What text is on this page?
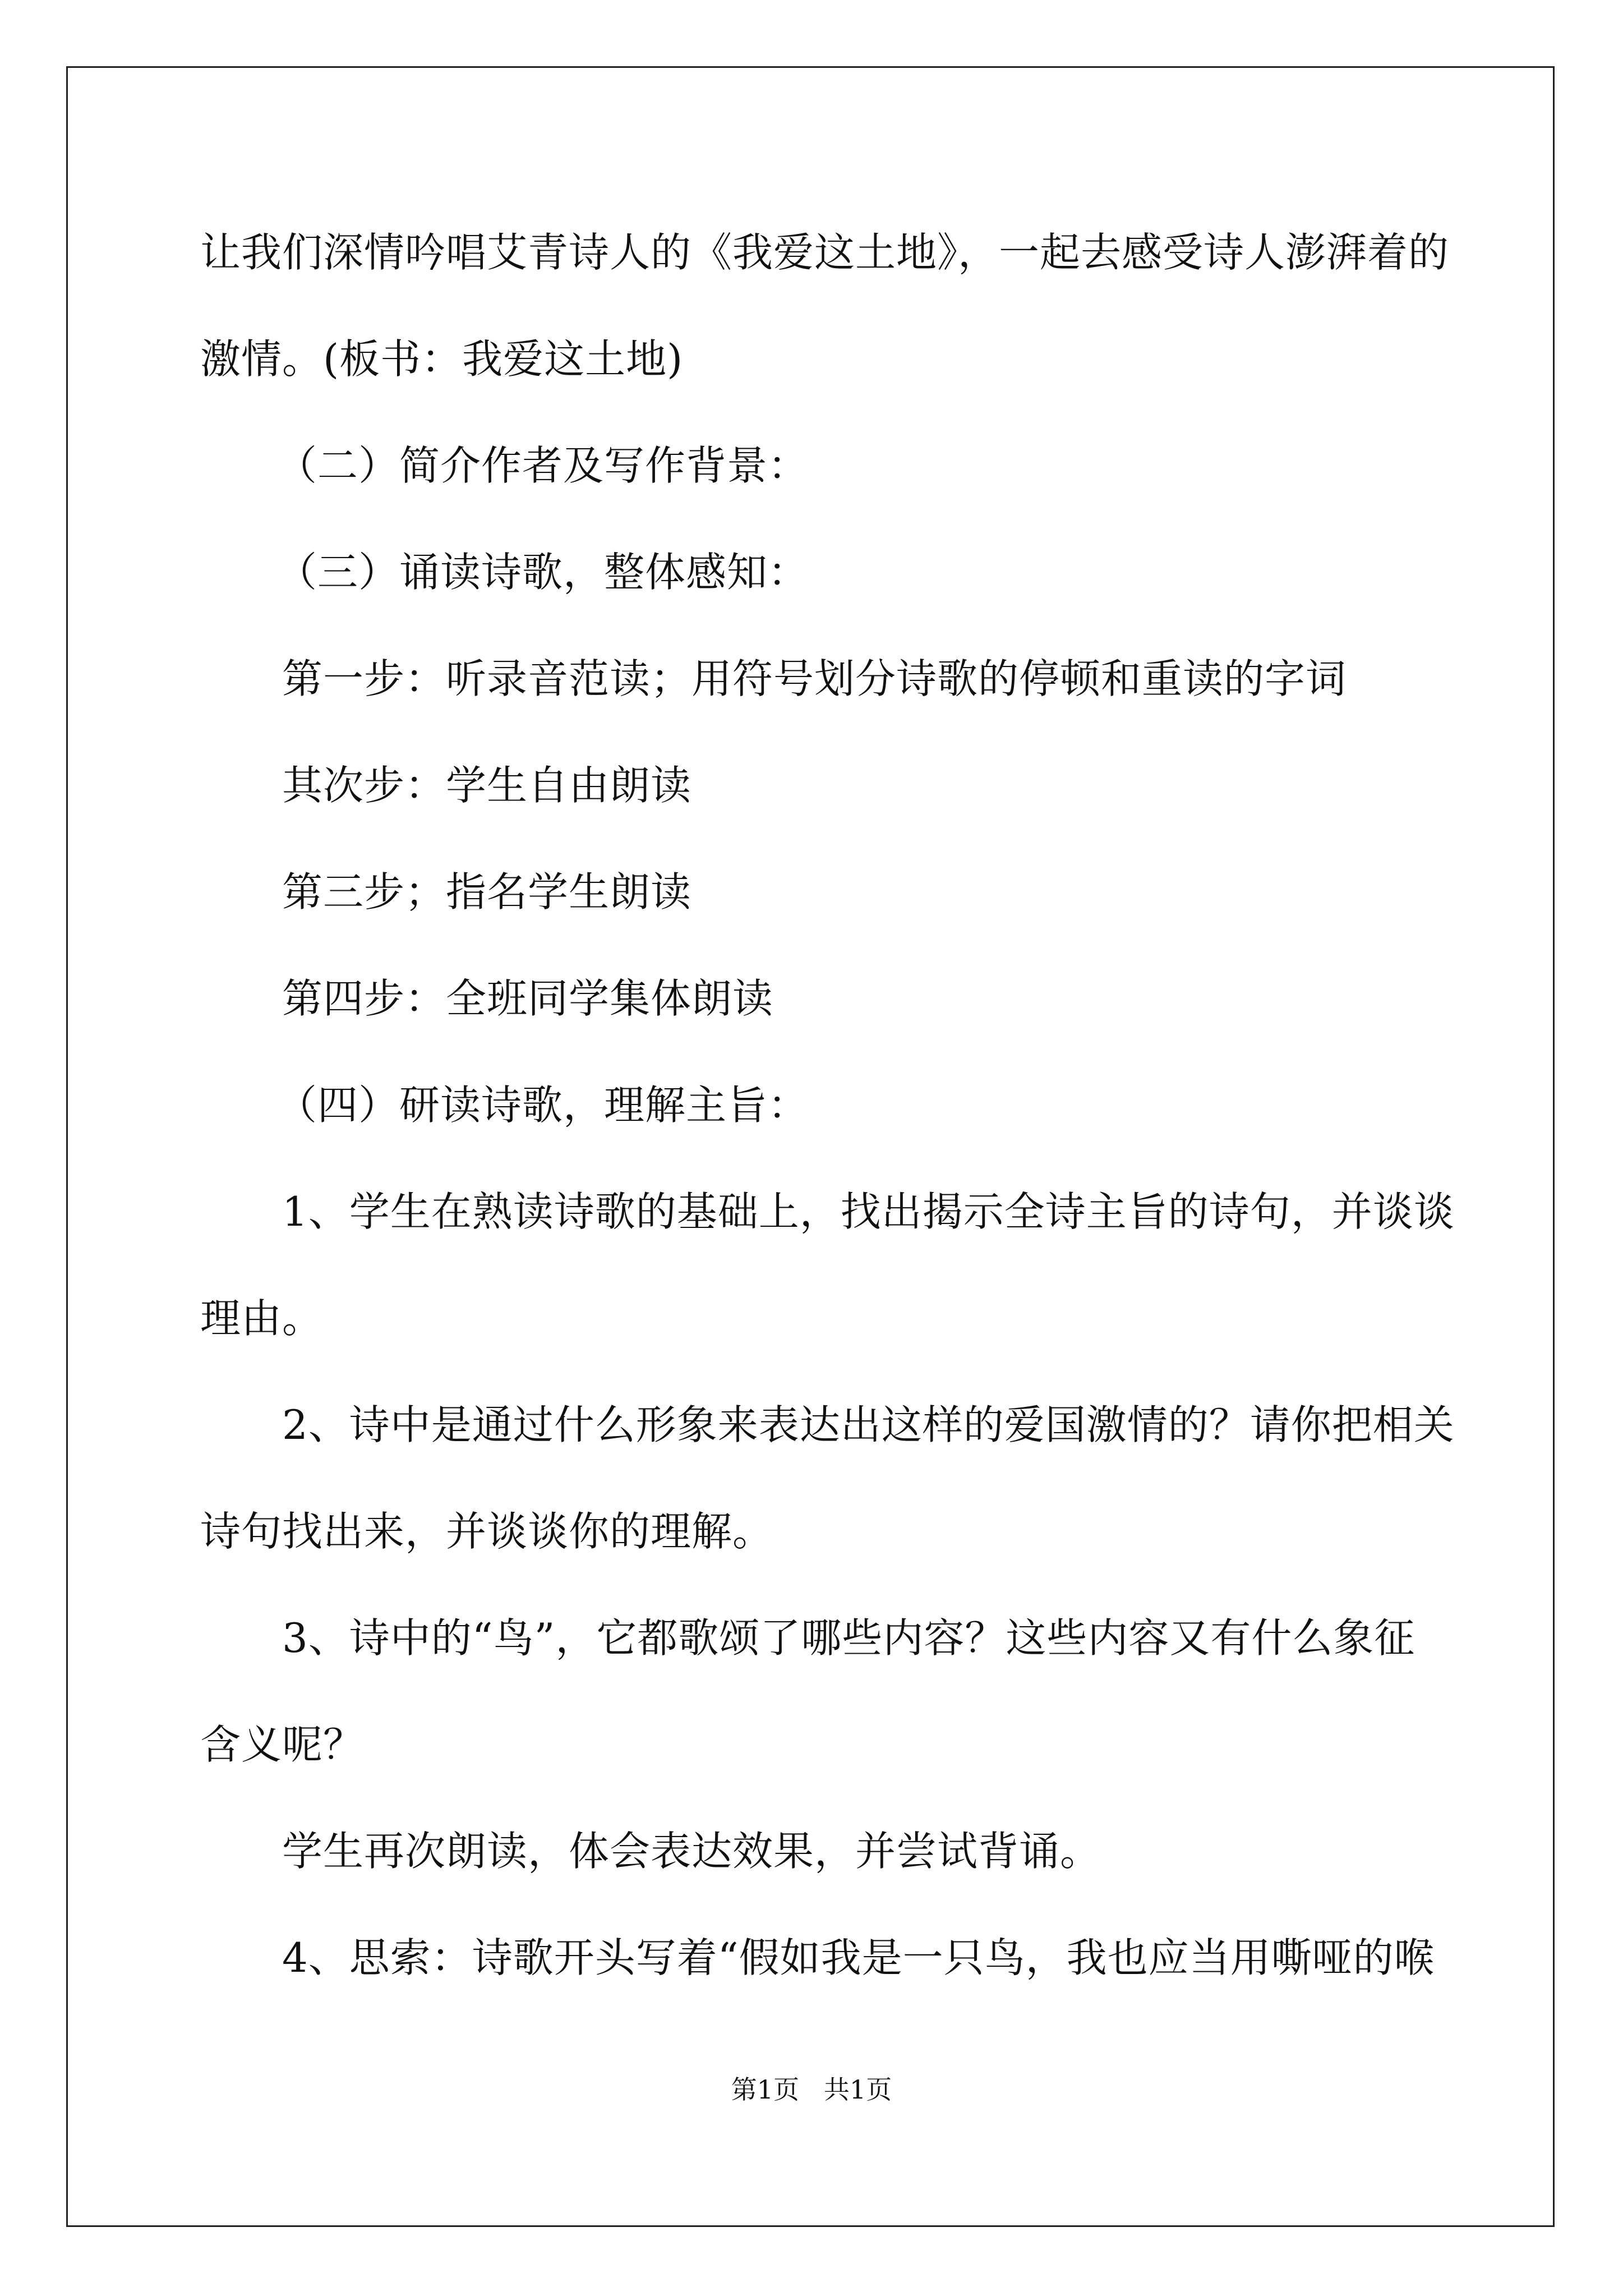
让我们深情吟唱艾青诗人的《我爱这土地》，一起去感受诗人澎湃着的
激情。(板书：我爱这土地)
（二）简介作者及写作背景：
（三）诵读诗歌，整体感知：
第一步：听录音范读；用符号划分诗歌的停顿和重读的字词
其次步：学生自由朗读
第三步；指名学生朗读
第四步：全班同学集体朗读
（四）研读诗歌，理解主旨：
1、学生在熟读诗歌的基础上，找出揭示全诗主旨的诗句，并谈谈
理由。
2、诗中是通过什么形象来表达出这样的爱国激情的？请你把相关
诗句找出来，并谈谈你的理解。
3、诗中的“鸟”，它都歌颂了哪些内容？这些内容又有什么象征
含义呢？
学生再次朗读，体会表达效果，并尝试背诵。
4、思索：诗歌开头写着“假如我是一只鸟，我也应当用嘶哑的喉
第1页   共1页
